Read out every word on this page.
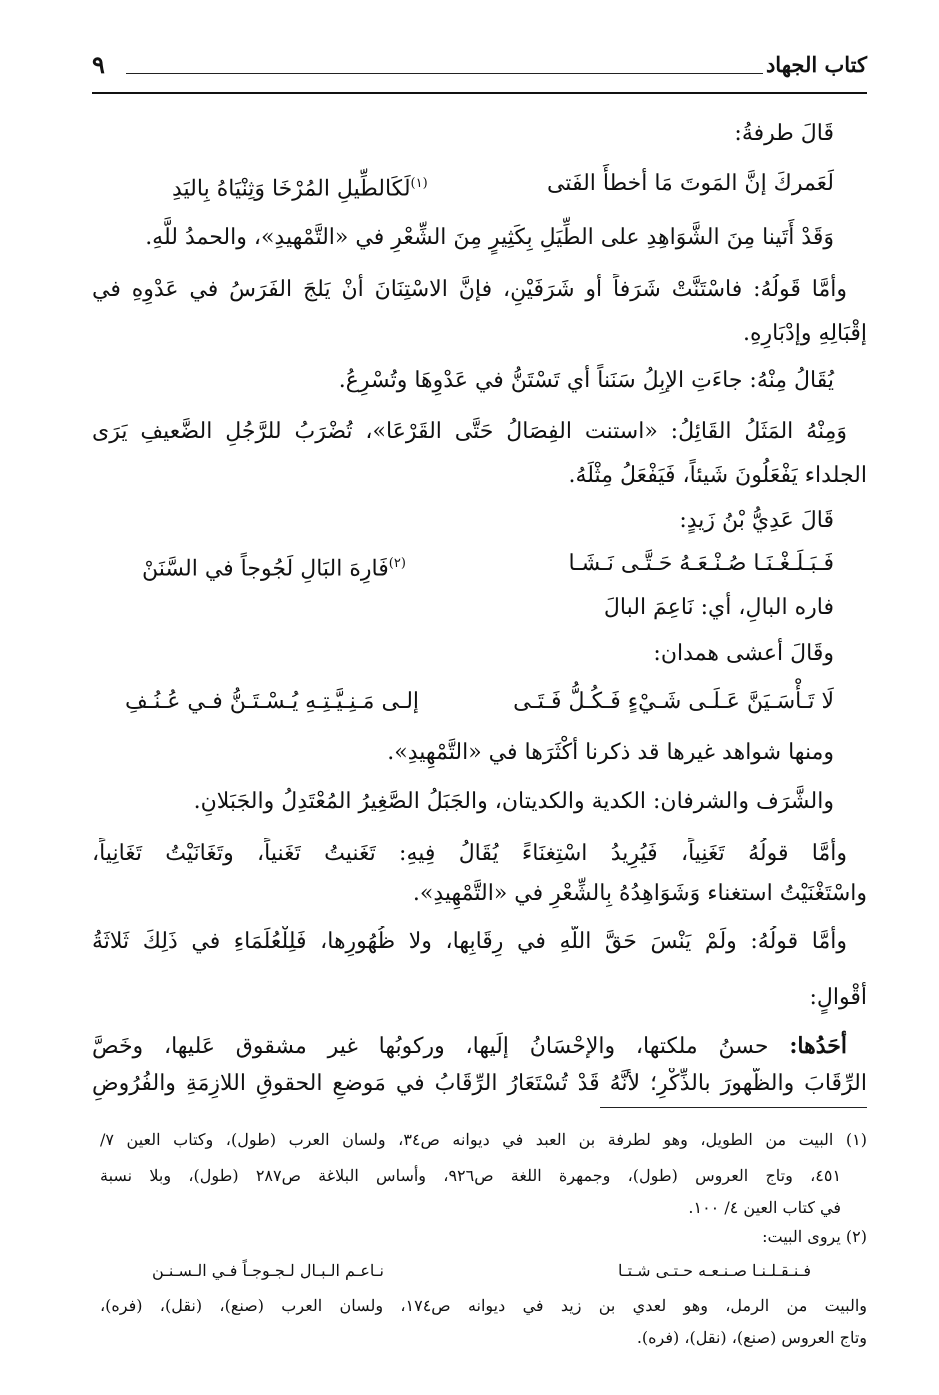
كتاب الجهاد
٩
قَالَ طرفةُ:
لَعَمركَ إنَّ المَوتَ مَا أخطأَ الفَتى
$^{(١)}$لَكَالطِّيلِ المُرْخَا وَثِنْيَاهُ بِاليَدِ
وَقَدْ أَتَينا مِنَ الشَّوَاهِدِ على الطِّيَلِ بِكَثِيرٍ مِنَ الشِّعْرِ في «التَّمْهيدِ»، والحمدُ للَّهِ.
وأمَّا قَولُهُ: فاسْتَنَّتْ شَرَفاً أو شَرَفَيْنِ، فإنَّ الاسْتِنَانَ أنْ يَلجَ الفَرَسُ في عَدْوِهِ في
إقْبَالِهِ وإدْبَارِهِ.
يُقَالُ مِنْهُ: جاءَتِ الإبِلُ سَنَناً أي تَسْتَنُّ في عَدْوِهَا وتُسْرِعُ.
وَمِنْهُ المَثَلُ القَائِلُ: «استنت الفِصَالُ حَتَّى القَرْعَا»، تُضْرَبُ للرَّجُلِ الضَّعيفِ يَرَى
الجلداء يَفْعَلُونَ شَيئاً، فَيَفْعَلُ مِثْلَهُ.
قَالَ عَدِيُّ بْنُ زَيدٍ:
فَـبَـلَـغْـنَـا صُـنْـعَـهُ حَـتَّـى نَـشَـا
$^{(٢)}$فَارِهَ البَالِ لَجُوجاً في السَّنَنْ
فاره البالِ، أي: نَاعِمَ البالَ
وقَالَ أعشى همدان:
لَا تَـأْسَـيَنَّ عَـلَـى شَـيْءٍ فَـكُـلُّ فَـتَـى
إلـى مَـنِـيَّـتِـهِ يُـسْـتَـنُّ فـي عُـنُـفِ
ومنها شواهد غيرها قد ذكرنا أكْثَرَها في «التَّمْهِيدِ».
والشَّرَف والشرفان: الكدية والكديتان، والجَبَلُ الصَّغِيرُ المُعْتَدِلُ والجَبَلانِ.
وأمَّا قولُهُ تَغَنِياً، فَيُرِيدُ اسْتِغنَاءً يُقَالُ فِيهِ: تَغَنيتُ تَغَنياً، وتَغَانَيْتُ تَغَانِياً،
واسْتَغْنَيْتُ استغناء وَشَوَاهِدُهُ بِالشِّعْرِ في «التَّمْهِيدِ».
وأمَّا قولُهُ: ولَمْ يَنْسَ حَقَّ اللَّهِ في رِقَابِها، ولا ظُهُورِها، فَلِلْعُلَمَاءِ في ذَلِكَ ثَلاثَةُ
أقْوالٍ:
أحَدُها: حسنُ ملكتها، والإحْسَانُ إلَيها، وركوبُها غير مشقوق عَليها، وخَصَّ
الرِّقَابَ والظُّهورَ بالذِّكْرِ؛ لأنَّهُ قَدْ تُسْتَعَارُ الرِّقَابُ في مَوضعِ الحقوقِ اللازِمَةِ والفُرُوضِ
(١) البيت من الطويل، وهو لطرفة بن العبد في ديوانه ص٣٤، ولسان العرب (طول)، وكتاب العين ٧/
٤٥١، وتاج العروس (طول)، وجمهرة اللغة ص٩٢٦، وأساس البلاغة ص٢٨٧ (طول)، وبلا نسبة
في كتاب العين ٤/ ١٠٠.
(٢) يروى البيت:
فـنـقـلـنـا صـنـعـه حـتـى شـتـا
نـاعـم الـبـال لـجـوجـاً فـي الـسـنـن
والبيت من الرمل، وهو لعدي بن زيد في ديوانه ص١٧٤، ولسان العرب (صنع)، (نقل)، (فره)،
وتاج العروس (صنع)، (نقل)، (فره).
